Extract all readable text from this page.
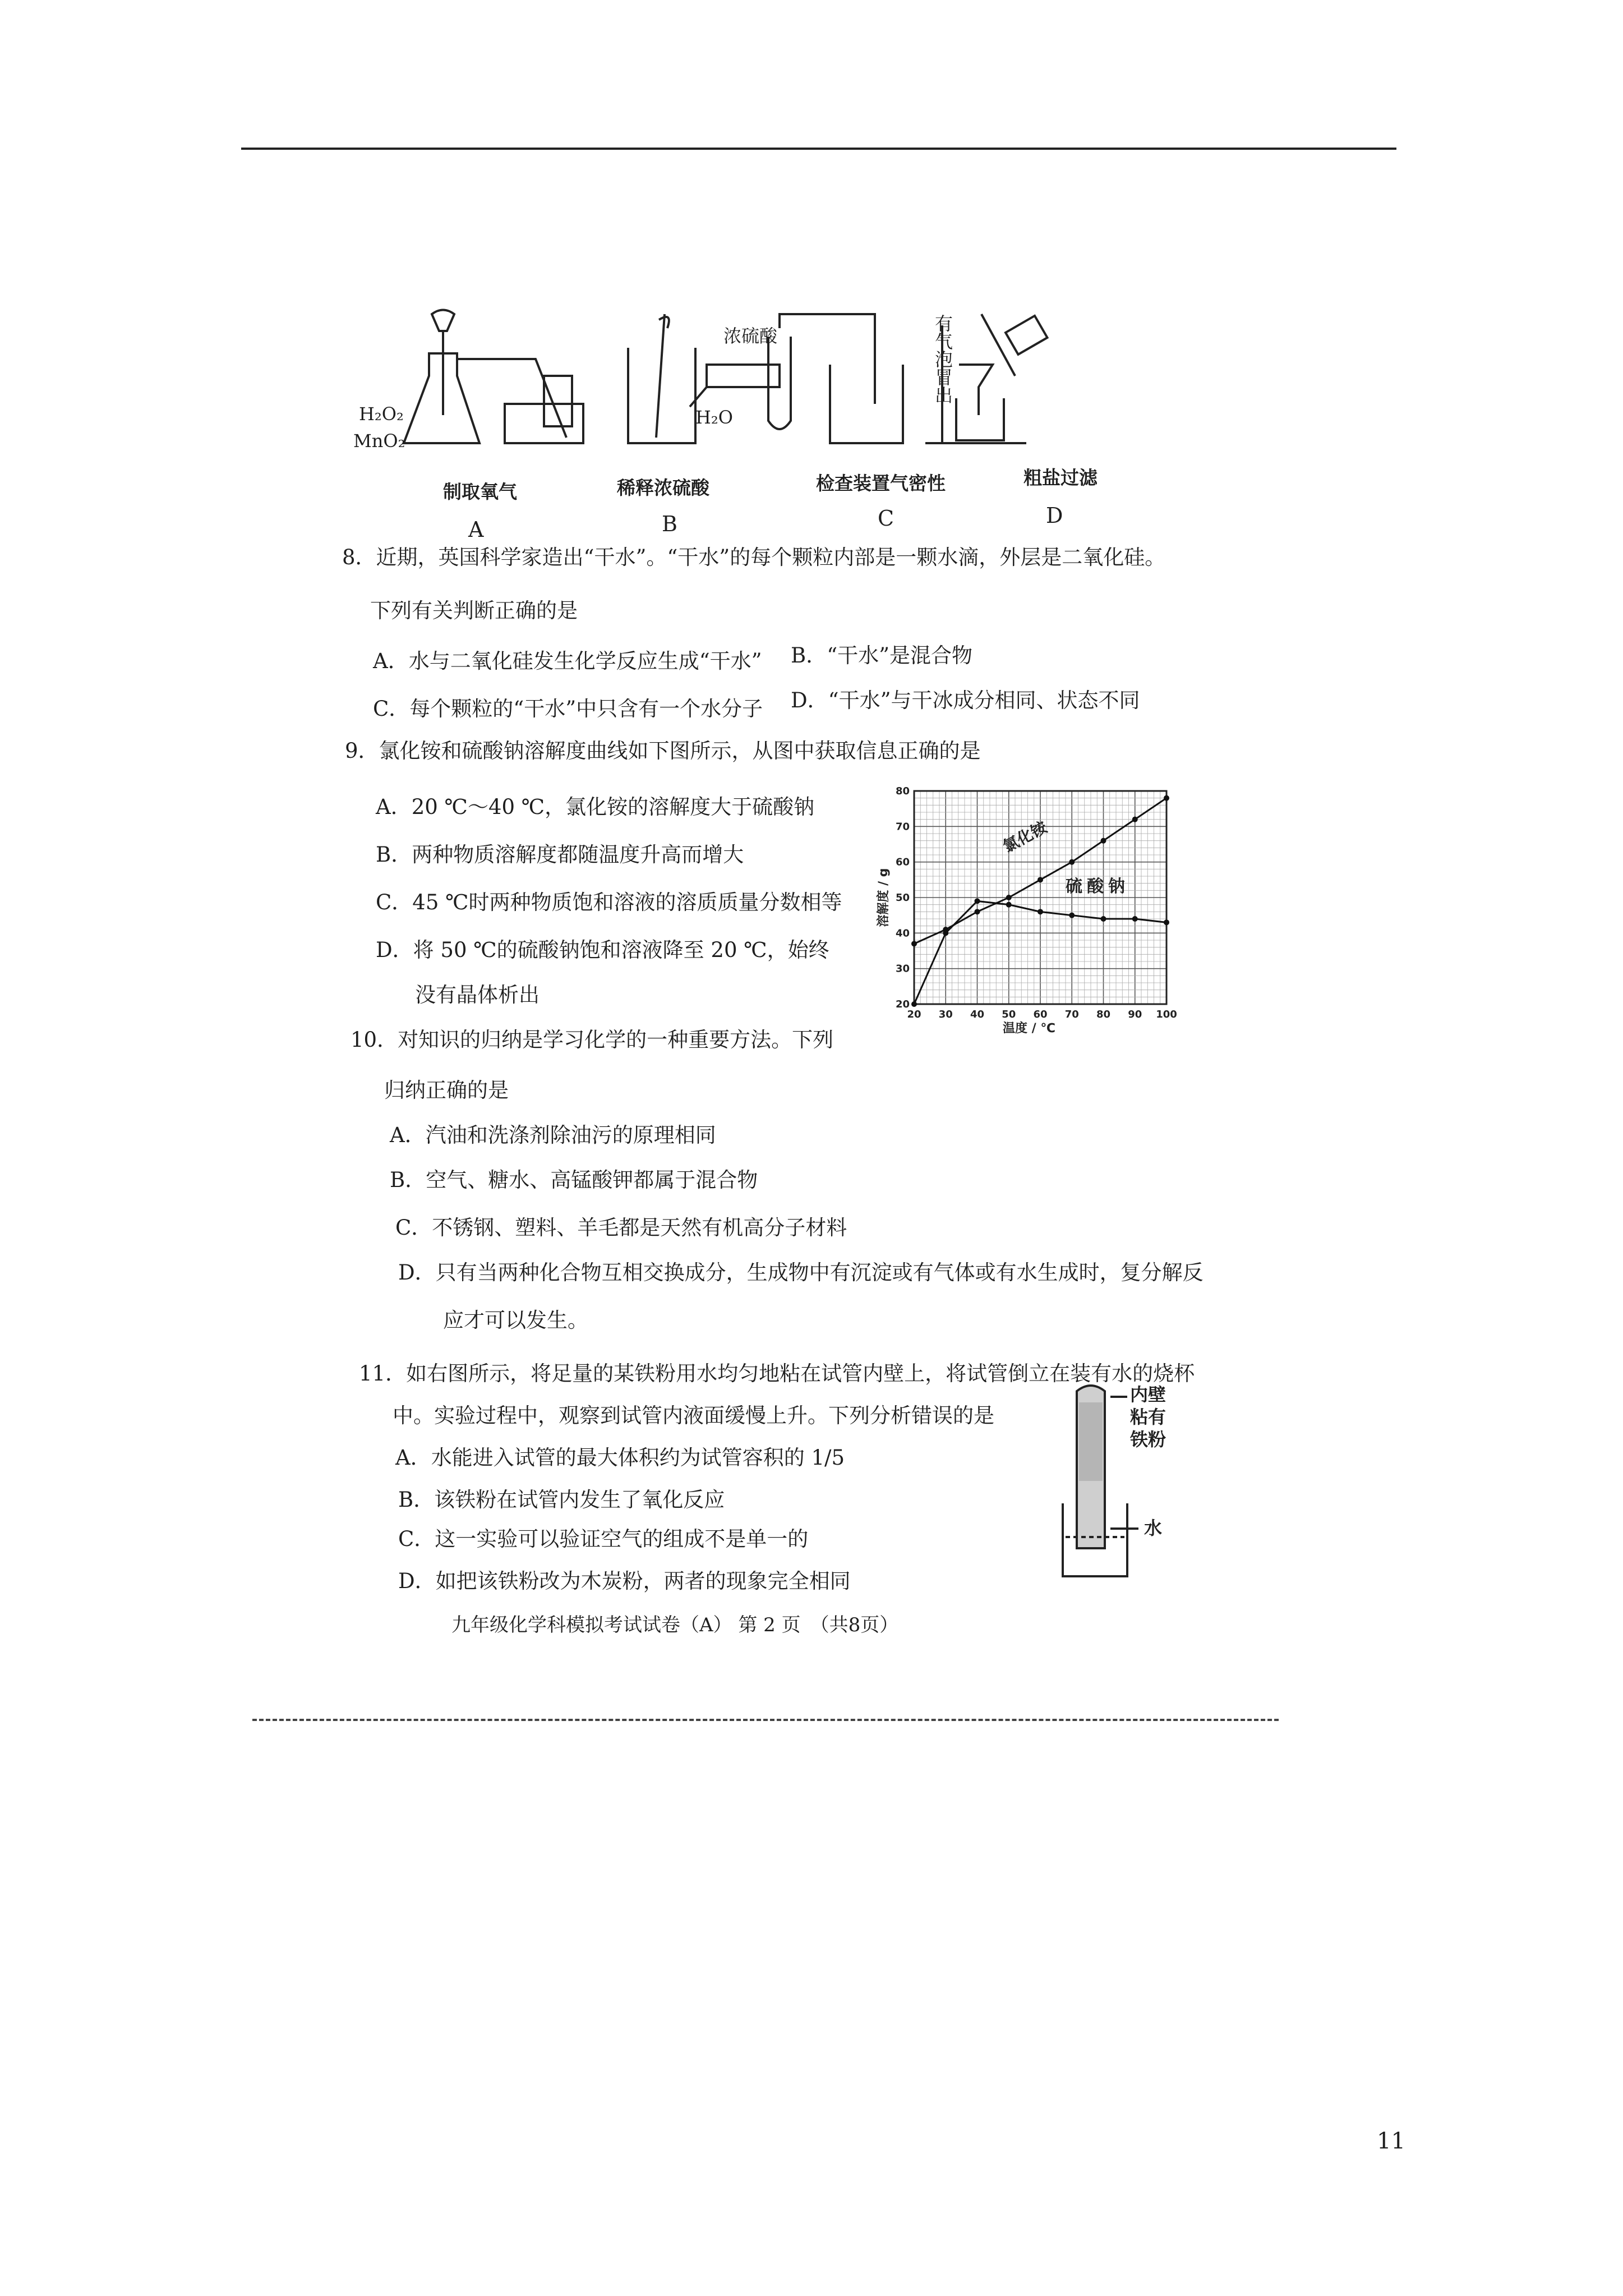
H₂O₂
MnO₂
制取氧气
A
浓硫酸
H₂O
稀释浓硫酸
B
有气泡冒出
检查装置气密性
C
粗盐过滤
D
8．近期，英国科学家造出“干水”。“干水”的每个颗粒内部是一颗水滴，外层是二氧化硅。
下列有关判断正确的是
A．水与二氧化硅发生化学反应生成“干水” B．“干水”是混合物
C．每个颗粒的“干水”中只含有一个水分子 D．“干水”与干冰成分相同、状态不同
9．氯化铵和硫酸钠溶解度曲线如下图所示，从图中获取信息正确的是
A．20 ℃～40 ℃，氯化铵的溶解度大于硫酸钠
B．两种物质溶解度都随温度升高而增大
C．45 ℃时两种物质饱和溶液的溶质质量分数相等
D．将 50 ℃的硫酸钠饱和溶液降至 20 ℃，始终
没有晶体析出
20 30 40 50 60 70 80 90 100
20
30
40
50
60
70
80
溶解度 / g
温度 / ℃
氯化铵
硫酸钠
10．对知识的归纳是学习化学的一种重要方法。下列
归纳正确的是
A．汽油和洗涤剂除油污的原理相同
B．空气、糖水、高锰酸钾都属于混合物
C．不锈钢、塑料、羊毛都是天然有机高分子材料
D．只有当两种化合物互相交换成分，生成物中有沉淀或有气体或有水生成时，复分解反
应才可以发生。
11．如右图所示，将足量的某铁粉用水均匀地粘在试管内壁上，将试管倒立在装有水的烧杯
中。实验过程中，观察到试管内液面缓慢上升。下列分析错误的是
A．水能进入试管的最大体积约为试管容积的 1/5
B．该铁粉在试管内发生了氧化反应
C．这一实验可以验证空气的组成不是单一的
D．如把该铁粉改为木炭粉，两者的现象完全相同
内壁
粘有
铁粉
水
九年级化学科模拟考试试卷（A） 第 2 页　（共8页）
11
